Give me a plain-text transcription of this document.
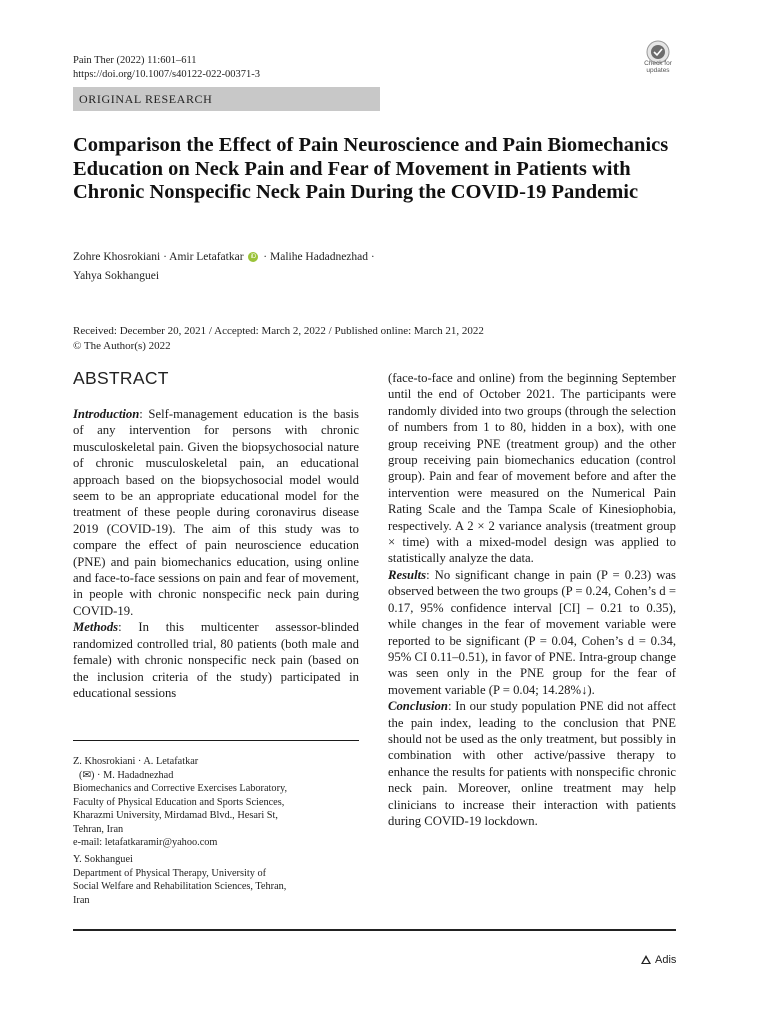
Pain Ther (2022) 11:601–611
https://doi.org/10.1007/s40122-022-00371-3
Check for updates
ORIGINAL RESEARCH
Comparison the Effect of Pain Neuroscience and Pain Biomechanics Education on Neck Pain and Fear of Movement in Patients with Chronic Nonspecific Neck Pain During the COVID-19 Pandemic
Zohre Khosrokiani · Amir Letafatkar iD · Malihe Hadadnezhad ·
Yahya Sokhanguei
Received: December 20, 2021 / Accepted: March 2, 2022 / Published online: March 21, 2022
© The Author(s) 2022
ABSTRACT

Introduction: Self-management education is the basis of any intervention for persons with chronic musculoskeletal pain. Given the biopsychosocial nature of chronic musculoskeletal pain, an educational approach based on the biopsychosocial model would seem to be an appropriate educational model for the treatment of these people during coronavirus disease 2019 (COVID-19). The aim of this study was to compare the effect of pain neuroscience education (PNE) and pain biomechanics education, using online and face-to-face sessions on pain and fear of movement, in people with chronic nonspecific neck pain during COVID-19.

Methods: In this multicenter assessor-blinded randomized controlled trial, 80 patients (both male and female) with chronic nonspecific neck pain (based on the inclusion criteria of the study) participated in educational sessions

Z. Khosrokiani · A. Letafatkar
(✉) · M. Hadadnezhad
Biomechanics and Corrective Exercises Laboratory,
Faculty of Physical Education and Sports Sciences,
Kharazmi University, Mirdamad Blvd., Hesari St,
Tehran, Iran
e-mail: letafatkaramir@yahoo.com
Y. Sokhanguei
Department of Physical Therapy, University of
Social Welfare and Rehabilitation Sciences, Tehran,
Iran

(face-to-face and online) from the beginning September until the end of October 2021. The participants were randomly divided into two groups (through the selection of numbers from 1 to 80, hidden in a box), with one group receiving PNE (treatment group) and the other group receiving pain biomechanics education (control group). Pain and fear of movement before and after the intervention were measured on the Numerical Pain Rating Scale and the Tampa Scale of Kinesiophobia, respectively. A 2 × 2 variance analysis (treatment group × time) with a mixed-model design was applied to statistically analyze the data.

Results: No significant change in pain (P = 0.23) was observed between the two groups (P = 0.24, Cohen’s d = 0.17, 95% confidence interval [CI] – 0.21 to 0.35), while changes in the fear of movement variable were reported to be significant (P = 0.04, Cohen’s d = 0.34, 95% CI 0.11–0.51), in favor of PNE. Intra-group change was seen only in the PNE group for the fear of movement variable (P = 0.04; 14.28%↓).

Conclusion: In our study population PNE did not affect the pain index, leading to the conclusion that PNE should not be used as the only treatment, but possibly in combination with other active/passive therapy to enhance the results for patients with nonspecific chronic neck pain. Moreover, online treatment may help clinicians to increase their interaction with patients during COVID-19 lockdown.

Adis
